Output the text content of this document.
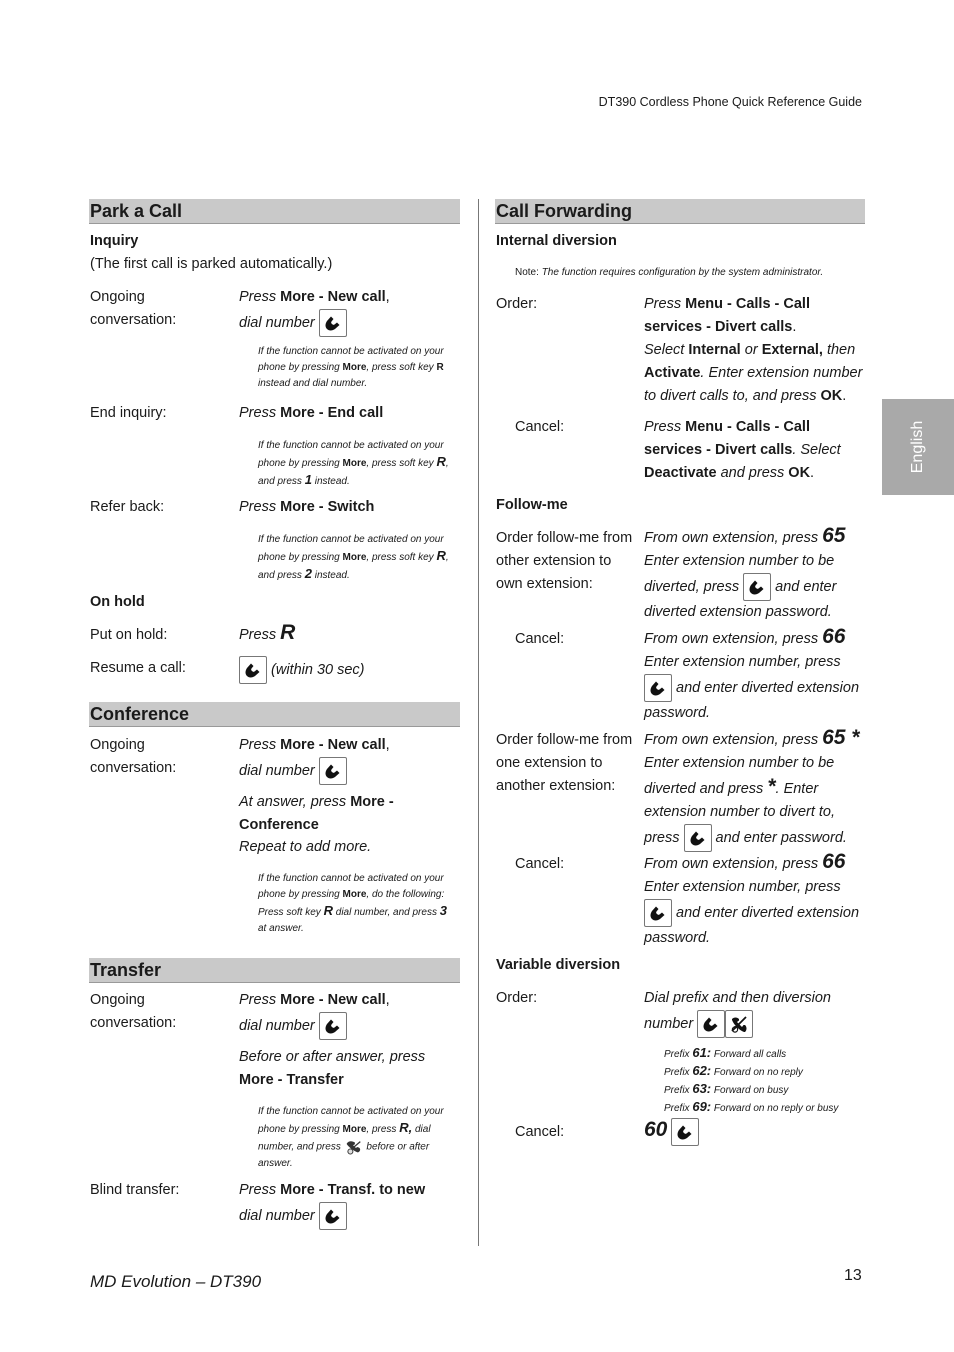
DT390 Cordless Phone Quick Reference Guide
English
Park a Call
Inquiry
(The first call is parked automatically.)
Ongoing conversation:
Press More - New call,
dial number
If the function cannot be activated on your phone by pressing More, press soft key R instead and dial number.
End inquiry:	Press More - End call
If the function cannot be activated on your phone by pressing More, press soft key R, and press 1 instead.
Refer back:	Press More - Switch
If the function cannot be activated on your phone by pressing More, press soft key R, and press 2 instead.
On hold
Put on hold:	Press R
Resume a call:	(within 30 sec)
Conference
Ongoing conversation:
Press More - New call,
dial number
At answer, press More - Conference
Repeat to add more.
If the function cannot be activated on your phone by pressing More, do the following: Press soft key R dial number, and press 3 at answer.
Transfer
Ongoing conversation:
Press More - New call,
dial number
Before or after answer, press
More - Transfer
If the function cannot be activated on your phone by pressing More, press R, dial number, and press	before or after answer.
Blind transfer:	Press More - Transf. to new
dial number
Call Forwarding
Internal diversion
Note: The function requires configuration by the system administrator.
Order:	Press Menu - Calls - Call services - Divert calls.
Select Internal or External, then Activate. Enter extension number to divert calls to, and press OK.
Cancel:	Press Menu - Calls - Call services - Divert calls. Select Deactivate and press OK.
Follow-me
Order follow-me from other extension to own extension:
From own extension, press 65
Enter extension number to be diverted, press and enter diverted extension password.
Cancel:	From own extension, press 66
Enter extension number, press
and enter diverted extension password.
Order follow-me from one extension to another extension:
From own extension, press 65 *
Enter extension number to be diverted and press *. Enter extension number to divert to, press and enter password.
Cancel:	From own extension, press 66
Enter extension number, press
and enter diverted extension password.
Variable diversion
Order:	Dial prefix and then diversion number
Prefix 61: Forward all calls
Prefix 62: Forward on no reply
Prefix 63: Forward on busy
Prefix 69: Forward on no reply or busy
Cancel:	60
MD Evolution – DT390	13
